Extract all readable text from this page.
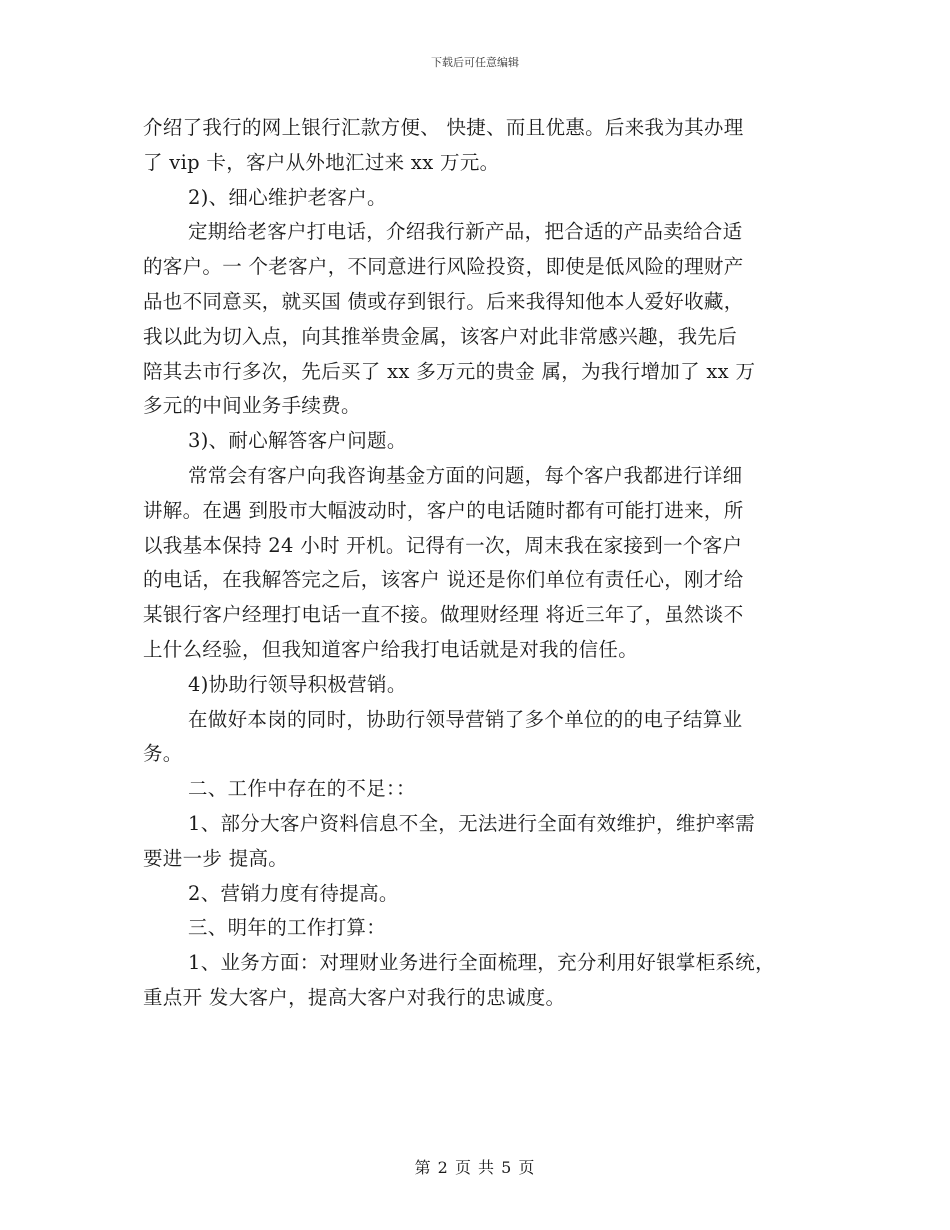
下载后可任意编辑
介绍了我行的网上银行汇款方便、 快捷、而且优惠。后来我为其办理
了 vip 卡，客户从外地汇过来 xx 万元。
2)、细心维护老客户。
定期给老客户打电话，介绍我行新产品，把合适的产品卖给合适
的客户。一 个老客户，不同意进行风险投资，即使是低风险的理财产
品也不同意买，就买国 债或存到银行。后来我得知他本人爱好收藏，
我以此为切入点，向其推举贵金属，该客户对此非常感兴趣，我先后
陪其去市行多次，先后买了 xx 多万元的贵金 属，为我行增加了 xx 万
多元的中间业务手续费。
3)、耐心解答客户问题。
常常会有客户向我咨询基金方面的问题，每个客户我都进行详细
讲解。在遇 到股市大幅波动时，客户的电话随时都有可能打进来，所
以我基本保持 24 小时 开机。记得有一次，周末我在家接到一个客户
的电话，在我解答完之后，该客户 说还是你们单位有责任心，刚才给
某银行客户经理打电话一直不接。做理财经理 将近三年了，虽然谈不
上什么经验，但我知道客户给我打电话就是对我的信任。
4)协助行领导积极营销。
在做好本岗的同时，协助行领导营销了多个单位的的电子结算业
务。
二、工作中存在的不足：：
1、部分大客户资料信息不全，无法进行全面有效维护，维护率需
要进一步 提高。
2、营销力度有待提高。
三、明年的工作打算：
1、业务方面：对理财业务进行全面梳理，充分利用好银掌柜系统，
重点开 发大客户，提高大客户对我行的忠诚度。
第 2 页 共 5 页
